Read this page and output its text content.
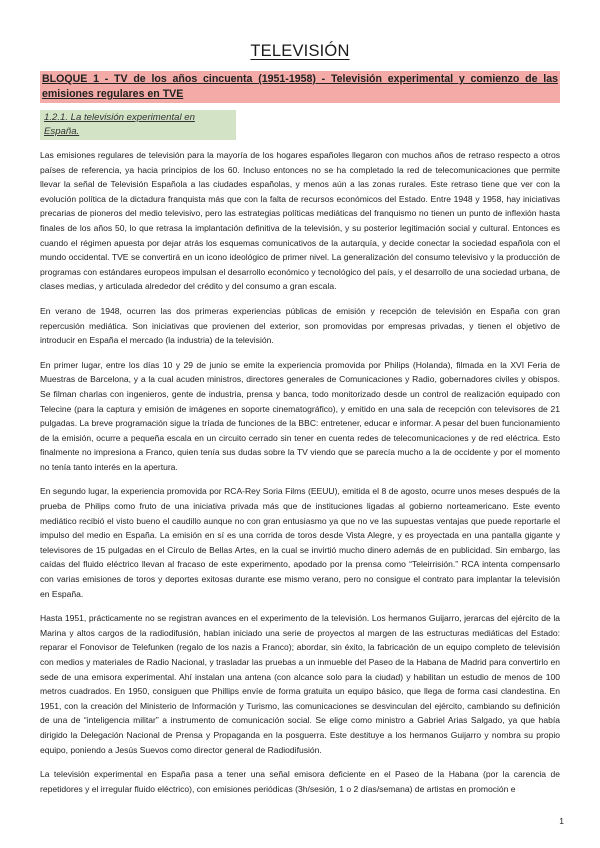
TELEVISIÓN
BLOQUE 1 - TV de los años cincuenta (1951-1958) - Televisión experimental y comienzo de las emisiones regulares en TVE
1.2.1. La televisión experimental en España.

Las emisiones regulares de televisión para la mayoría de los hogares españoles llegaron con muchos años de retraso respecto a otros países de referencia, ya hacia principios de los 60. Incluso entonces no se ha completado la red de telecomunicaciones que permite llevar la señal de Televisión Española a las ciudades españolas, y menos aún a las zonas rurales. Este retraso tiene que ver con la evolución política de la dictadura franquista más que con la falta de recursos económicos del Estado. Entre 1948 y 1958, hay iniciativas precarias de pioneros del medio televisivo, pero las estrategias políticas mediáticas del franquismo no tienen un punto de inflexión hasta finales de los años 50, lo que retrasa la implantación definitiva de la televisión, y su posterior legitimación social y cultural. Entonces es cuando el régimen apuesta por dejar atrás los esquemas comunicativos de la autarquía, y decide conectar la sociedad española con el mundo occidental. TVE se convertirá en un icono ideológico de primer nivel. La generalización del consumo televisivo y la producción de programas con estándares europeos impulsan el desarrollo económico y tecnológico del país, y el desarrollo de una sociedad urbana, de clases medias, y articulada alrededor del crédito y del consumo a gran escala.

En verano de 1948, ocurren las dos primeras experiencias públicas de emisión y recepción de televisión en España con gran repercusión mediática. Son iniciativas que provienen del exterior, son promovidas por empresas privadas, y tienen el objetivo de introducir en España el mercado (la industria) de la televisión.

En primer lugar, entre los días 10 y 29 de junio se emite la experiencia promovida por Philips (Holanda), filmada en la XVI Feria de Muestras de Barcelona, y a la cual acuden ministros, directores generales de Comunicaciones y Radio, gobernadores civiles y obispos. Se filman charlas con ingenieros, gente de industria, prensa y banca, todo monitorizado desde un control de realización equipado con Telecine (para la captura y emisión de imágenes en soporte cinematográfico), y emitido en una sala de recepción con televisores de 21 pulgadas. La breve programación sigue la tríada de funciones de la BBC: entretener, educar e informar. A pesar del buen funcionamiento de la emisión, ocurre a pequeña escala en un circuito cerrado sin tener en cuenta redes de telecomunicaciones y de red eléctrica. Esto finalmente no impresiona a Franco, quien tenía sus dudas sobre la TV viendo que se parecía mucho a la de occidente y por el momento no tenía tanto interés en la apertura.

En segundo lugar, la experiencia promovida por RCA-Rey Soria Films (EEUU), emitida el 8 de agosto, ocurre unos meses después de la prueba de Philips como fruto de una iniciativa privada más que de instituciones ligadas al gobierno norteamericano. Este evento mediático recibió el visto bueno el caudillo aunque no con gran entusiasmo ya que no ve las supuestas ventajas que puede reportarle el impulso del medio en España. La emisión en sí es una corrida de toros desde Vista Alegre, y es proyectada en una pantalla gigante y televisores de 15 pulgadas en el Círculo de Bellas Artes, en la cual se invirtió mucho dinero además de en publicidad. Sin embargo, las caídas del fluido eléctrico llevan al fracaso de este experimento, apodado por la prensa como “Teleirrisión.” RCA intenta compensarlo con varias emisiones de toros y deportes exitosas durante ese mismo verano, pero no consigue el contrato para implantar la televisión en España.

Hasta 1951, prácticamente no se registran avances en el experimento de la televisión. Los hermanos Guijarro, jerarcas del ejército de la Marina y altos cargos de la radiodifusión, habían iniciado una serie de proyectos al margen de las estructuras mediáticas del Estado: reparar el Fonovisor de Telefunken (regalo de los nazis a Franco); abordar, sin éxito, la fabricación de un equipo completo de televisión con medios y materiales de Radio Nacional, y trasladar las pruebas a un inmueble del Paseo de la Habana de Madrid para convertirlo en sede de una emisora experimental. Ahí instalan una antena (con alcance solo para la ciudad) y habilitan un estudio de menos de 100 metros cuadrados. En 1950, consiguen que Phillips envíe de forma gratuita un equipo básico, que llega de forma casi clandestina. En 1951, con la creación del Ministerio de Información y Turismo, las comunicaciones se desvinculan del ejército, cambiando su definición de una de “inteligencia militar” a instrumento de comunicación social. Se elige como ministro a Gabriel Arias Salgado, ya que había dirigido la Delegación Nacional de Prensa y Propaganda en la posguerra. Este destituye a los hermanos Guijarro y nombra su propio equipo, poniendo a Jesús Suevos como director general de Radiodifusión.

La televisión experimental en España pasa a tener una señal emisora deficiente en el Paseo de la Habana (por la carencia de repetidores y el irregular fluido eléctrico), con emisiones periódicas (3h/sesión, 1 o 2 días/semana) de artistas en promoción e

1
